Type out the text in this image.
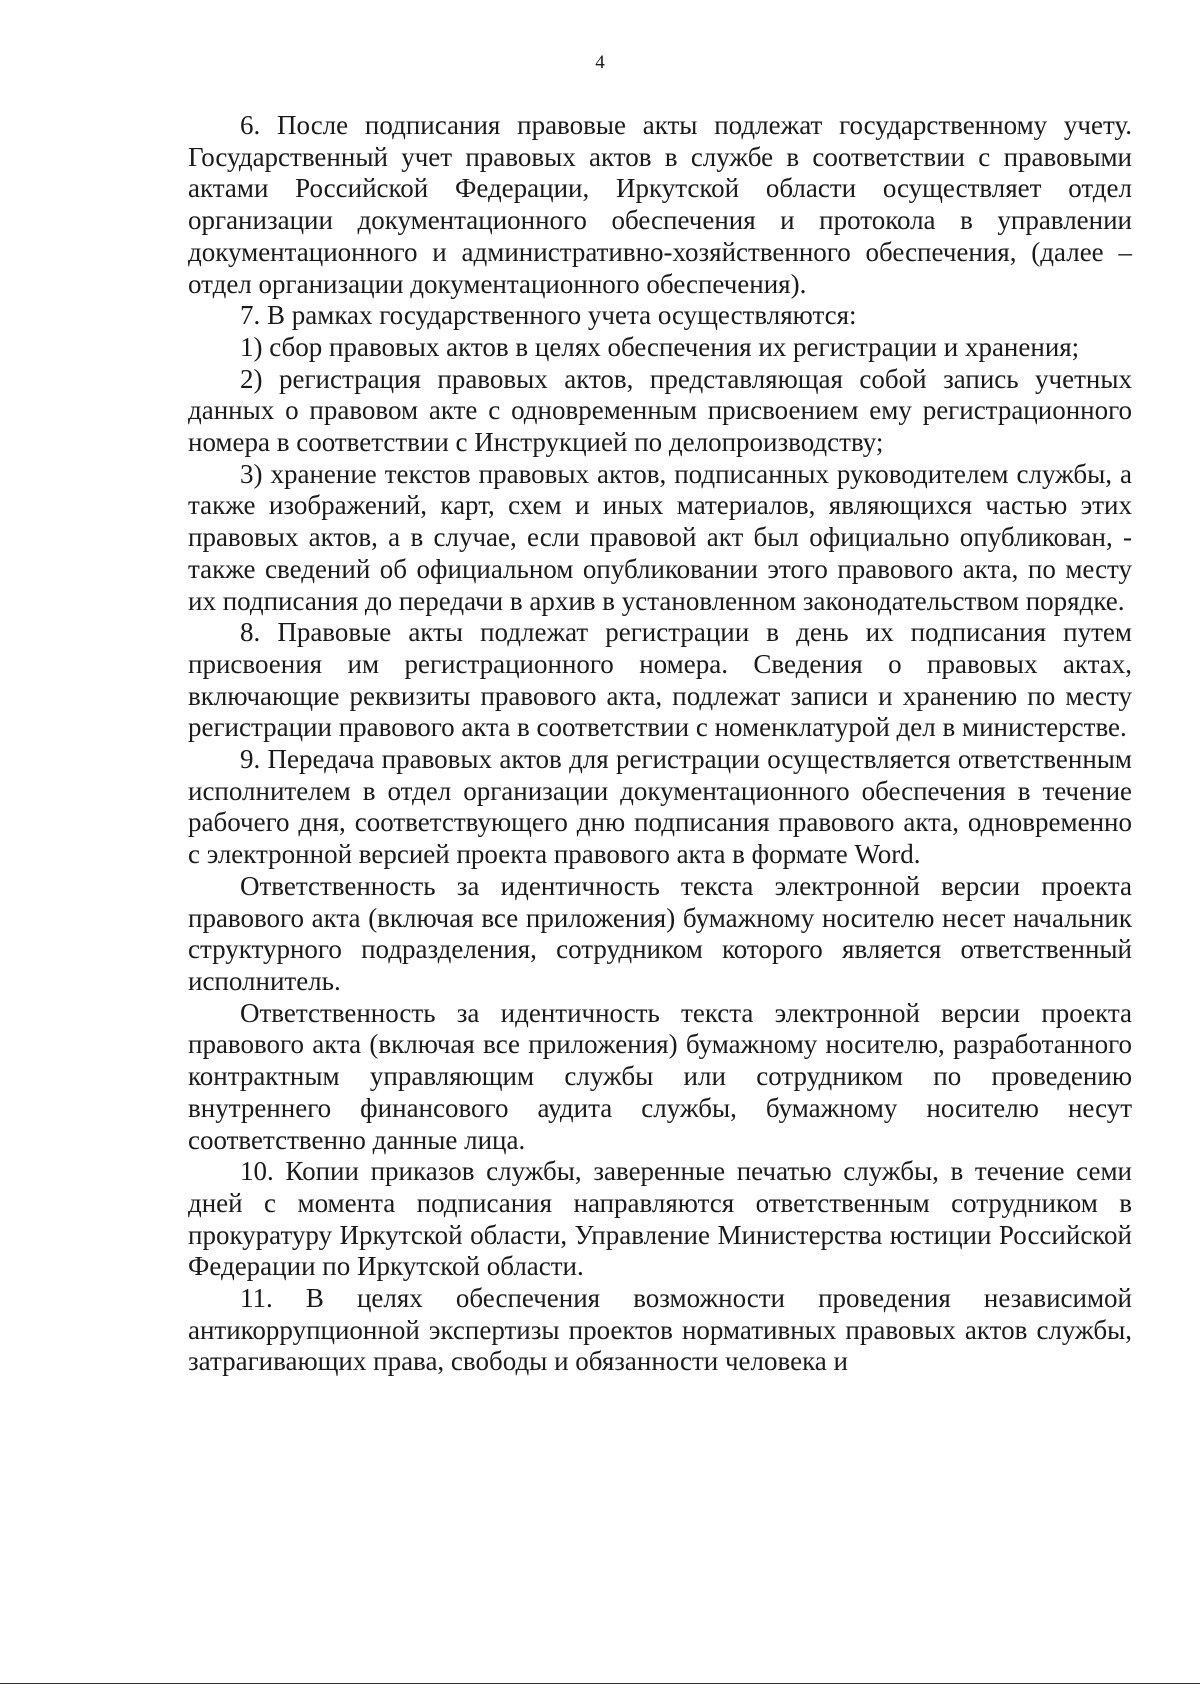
4

6. После подписания правовые акты подлежат государственному учету. Государственный учет правовых актов в службе в соответствии с правовыми актами Российской Федерации, Иркутской области осуществляет отдел организации документационного обеспечения и протокола в управлении документационного и административно-хозяйственного обеспечения, (далее – отдел организации документационного обеспечения).

7. В рамках государственного учета осуществляются:

1) сбор правовых актов в целях обеспечения их регистрации и хранения;

2) регистрация правовых актов, представляющая собой запись учетных данных о правовом акте с одновременным присвоением ему регистрационного номера в соответствии с Инструкцией по делопроизводству;

3) хранение текстов правовых актов, подписанных руководителем службы, а также изображений, карт, схем и иных материалов, являющихся частью этих правовых актов, а в случае, если правовой акт был официально опубликован, - также сведений об официальном опубликовании этого правового акта, по месту их подписания до передачи в архив в установленном законодательством порядке.

8. Правовые акты подлежат регистрации в день их подписания путем присвоения им регистрационного номера. Сведения о правовых актах, включающие реквизиты правового акта, подлежат записи и хранению по месту регистрации правового акта в соответствии с номенклатурой дел в министерстве.

9. Передача правовых актов для регистрации осуществляется ответственным исполнителем в отдел организации документационного обеспечения в течение рабочего дня, соответствующего дню подписания правового акта, одновременно с электронной версией проекта правового акта в формате Word.

Ответственность за идентичность текста электронной версии проекта правового акта (включая все приложения) бумажному носителю несет начальник структурного подразделения, сотрудником которого является ответственный исполнитель.

Ответственность за идентичность текста электронной версии проекта правового акта (включая все приложения) бумажному носителю, разработанного контрактным управляющим службы или сотрудником по проведению внутреннего финансового аудита службы, бумажному носителю несут соответственно данные лица.

10. Копии приказов службы, заверенные печатью службы, в течение семи дней с момента подписания направляются ответственным сотрудником в прокуратуру Иркутской области, Управление Министерства юстиции Российской Федерации по Иркутской области.

11. В целях обеспечения возможности проведения независимой антикоррупционной экспертизы проектов нормативных правовых актов службы, затрагивающих права, свободы и обязанности человека и
